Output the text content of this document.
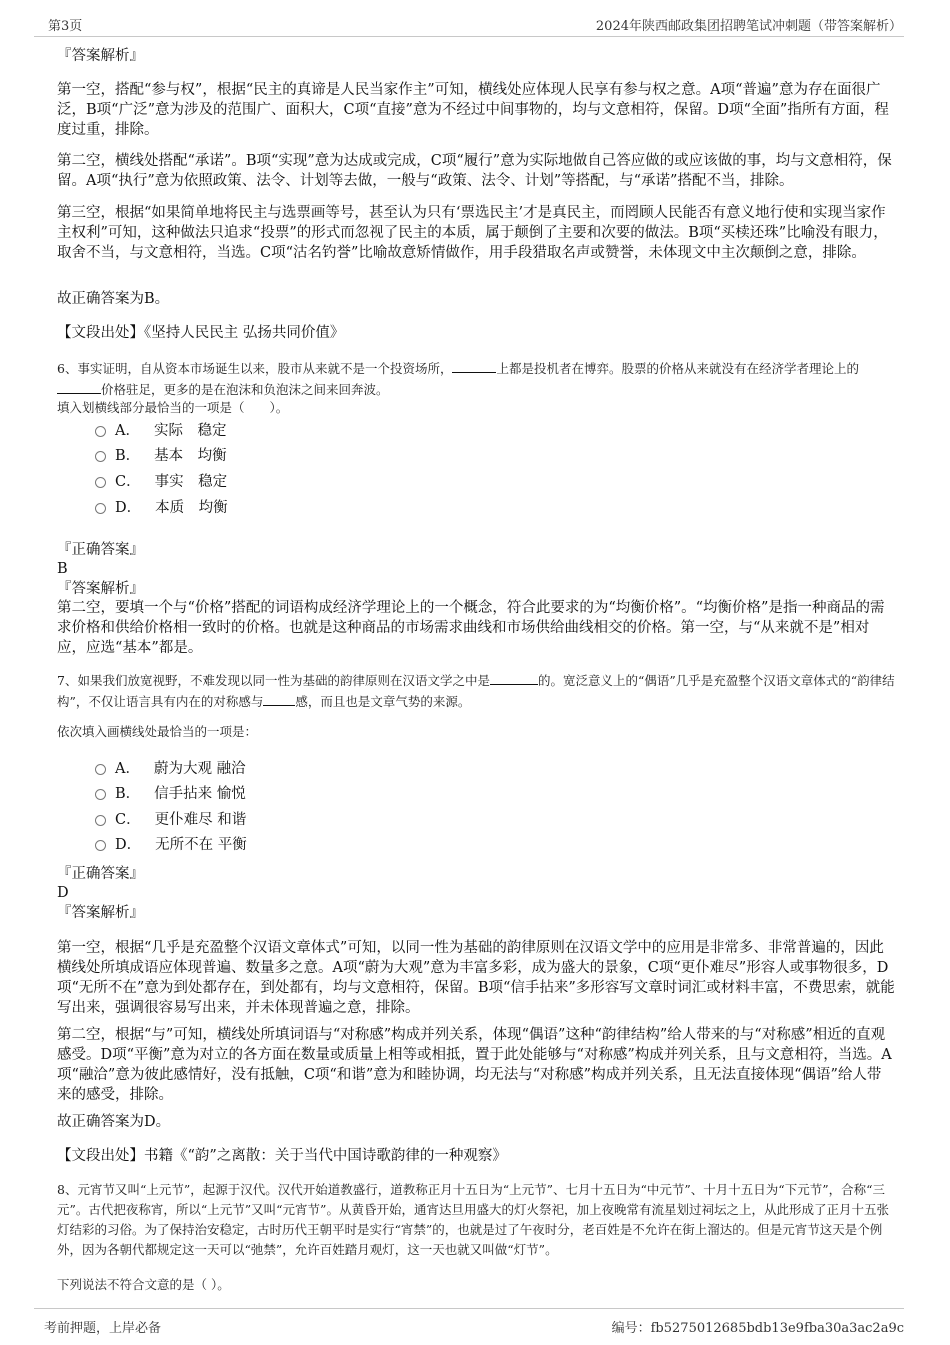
第3页	2024年陕西邮政集团招聘笔试冲刺题（带答案解析）

『答案解析』

第一空，搭配“参与权”，根据“民主的真谛是人民当家作主”可知，横线处应体现人民享有参与权之意。A项“普遍”意为存在面很广泛，B项“广泛”意为涉及的范围广、面积大，C项“直接”意为不经过中间事物的，均与文意相符，保留。D项“全面”指所有方面，程度过重，排除。

第二空，横线处搭配“承诺”。B项“实现”意为达成或完成，C项“履行”意为实际地做自己答应做的或应该做的事，均与文意相符，保留。A项“执行”意为依照政策、法令、计划等去做，一般与“政策、法令、计划”等搭配，与“承诺”搭配不当，排除。

第三空，根据“如果简单地将民主与选票画等号，甚至认为只有‘票选民主’才是真民主，而罔顾人民能否有意义地行使和实现当家作主权利”可知，这种做法只追求“投票”的形式而忽视了民主的本质，属于颠倒了主要和次要的做法。B项“买椟还珠”比喻没有眼力，取舍不当，与文意相符，当选。C项“沽名钓誉”比喻故意矫情做作，用手段猎取名声或赞誉，未体现文中主次颠倒之意，排除。

故正确答案为B。

【文段出处】《坚持人民民主 弘扬共同价值》

6、事实证明，自从资本市场诞生以来，股市从来就不是一个投资场所，	上都是投机者在博弈。股票的价格从来就没有在经济学者理论上的价格驻足，更多的是在泡沫和负泡沫之间来回奔波。

填入划横线部分最恰当的一项是（　　）。

A． 实际　稳定
B． 基本　均衡
C． 事实　稳定
D． 本质　均衡

『正确答案』

B

『答案解析』

第二空，要填一个与“价格”搭配的词语构成经济学理论上的一个概念，符合此要求的为“均衡价格”。“均衡价格”是指一种商品的需求价格和供给价格相一致时的价格。也就是这种商品的市场需求曲线和市场供给曲线相交的价格。第一空，与“从来就不是”相对应，应选“基本”都是。

7、如果我们放宽视野，不难发现以同一性为基础的韵律原则在汉语文学之中是	的。宽泛意义上的“偶语”几乎是充盈整个汉语文章体式的“韵律结构”，不仅让语言具有内在的对称感与	感，而且也是文章气势的来源。

依次填入画横线处最恰当的一项是：

A． 蔚为大观 融洽
B． 信手拈来 愉悦
C． 更仆难尽 和谐
D． 无所不在 平衡

『正确答案』

D

『答案解析』

第一空，根据“几乎是充盈整个汉语文章体式”可知，以同一性为基础的韵律原则在汉语文学中的应用是非常多、非常普遍的，因此横线处所填成语应体现普遍、数量多之意。A项“蔚为大观”意为丰富多彩，成为盛大的景象，C项“更仆难尽”形容人或事物很多，D项“无所不在”意为到处都存在，到处都有，均与文意相符，保留。B项“信手拈来”多形容写文章时词汇或材料丰富，不费思索，就能写出来，强调很容易写出来，并未体现普遍之意，排除。

第二空，根据“与”可知，横线处所填词语与“对称感”构成并列关系，体现“偶语”这种“韵律结构”给人带来的与“对称感”相近的直观感受。D项“平衡”意为对立的各方面在数量或质量上相等或相抵，置于此处能够与“对称感”构成并列关系，且与文意相符，当选。A项“融洽”意为彼此感情好，没有抵触，C项“和谐”意为和睦协调，均无法与“对称感”构成并列关系，且无法直接体现“偶语”给人带来的感受，排除。

故正确答案为D。

【文段出处】书籍《“韵”之离散：关于当代中国诗歌韵律的一种观察》

8、元宵节又叫“上元节”，起源于汉代。汉代开始道教盛行，道教称正月十五日为“上元节”、七月十五日为“中元节”、十月十五日为“下元节”，合称“三元”。古代把夜称宵，所以“上元节”又叫“元宵节”。从黄昏开始，通宵达旦用盛大的灯火祭祀，加上夜晚常有流星划过祠坛之上，从此形成了正月十五张灯结彩的习俗。为了保持治安稳定，古时历代王朝平时是实行“宵禁”的，也就是过了午夜时分，老百姓是不允许在街上溜达的。但是元宵节这天是个例外，因为各朝代都规定这一天可以“弛禁”，允许百姓踏月观灯，这一天也就又叫做“灯节”。

下列说法不符合文意的是（ ）。

考前押题，上岸必备	编号：fb5275012685bdb13e9fba30a3ac2a9c
